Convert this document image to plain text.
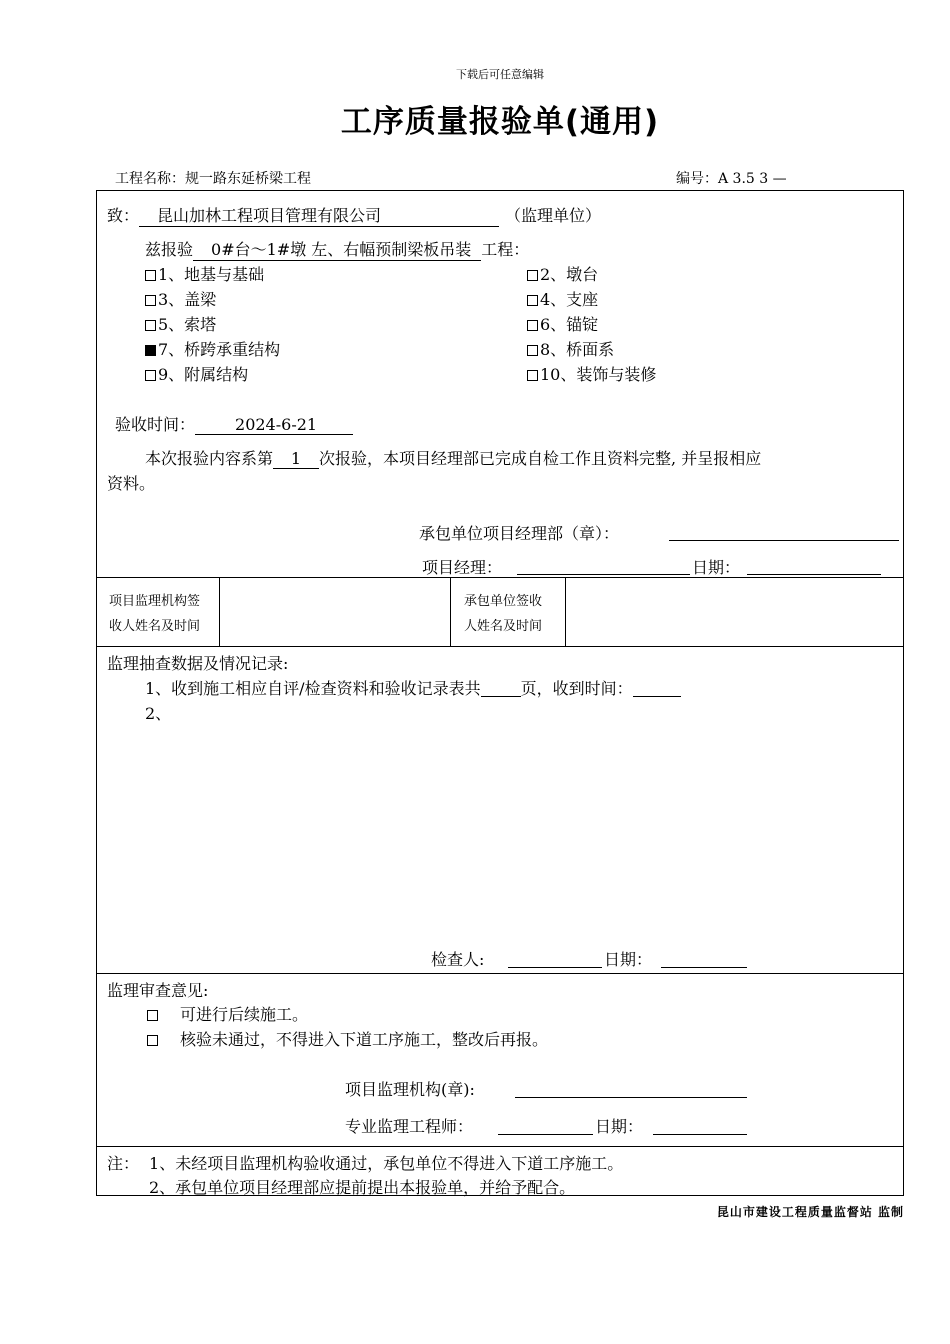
下载后可任意编辑
工序质量报验单(通用)
工程名称：规一路东延桥梁工程	编号：A 3.5 3 —
致： 昆山加林工程项目管理有限公司	（监理单位）
兹报验 0#台～1#墩 左、右幅预制梁板吊装 工程：
1、地基与基础	2、墩台
3、盖梁	4、支座
5、索塔	6、锚锭
7、桥跨承重结构	8、桥面系
9、附属结构	10、装饰与装修
验收时间：	2024-6-21
本次报验内容系第 1 次报验，本项目经理部已完成自检工作且资料完整, 并呈报相应
资料。
承包单位项目经理部（章）：
项目经理：	日期：
项目监理机构签
收人姓名及时间
承包单位签收
人姓名及时间
监理抽查数据及情况记录:
1、收到施工相应自评/检查资料和验收记录表共	页，收到时间：
2、
检查人:	日期：
监理审查意见:
可进行后续施工。
核验未通过，不得进入下道工序施工，整改后再报。
项目监理机构(章):
专业监理工程师：	日期：
注： 1、未经项目监理机构验收通过，承包单位不得进入下道工序施工。
2、承包单位项目经理部应提前提出本报验单，并给予配合。
昆山市建设工程质量监督站 监制
